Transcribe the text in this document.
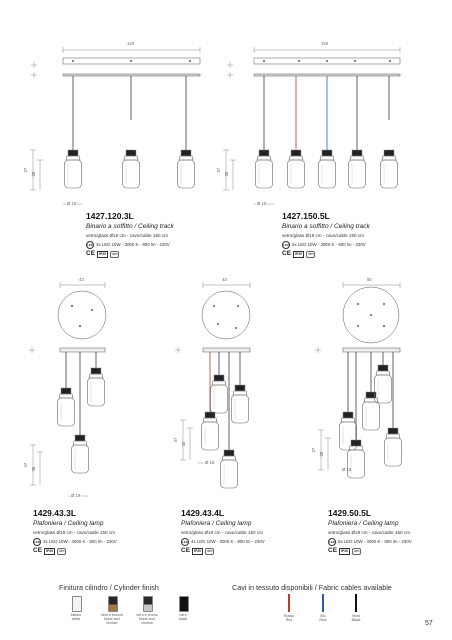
120	150
43	43	50
37
30
37
30
37
30
37
30
37
30
Ø 19	Ø 19
Ø 19
Ø 19
Ø 19
1427.120.3L
Binario a soffitto / Ceiling track
vetro/glass Ø19 cm - cavo/cable 150 cm
LED 3x LED 10W - 3000 K - 900 lm - 230V
CE	IP20	dim
1427.150.5L
Binario a soffitto / Ceiling track
vetro/glass Ø19 cm - cavo/cable 150 cm
LED 5x LED 10W - 3000 K - 900 lm - 230V
CE	IP20	dim
1429.43.3L
Plafoniera / Ceiling lamp
vetro/glass Ø19 cm - cavo/cable 150 cm
LED 3x LED 10W - 3000 K - 900 lm - 230V
CE	IP20	dim
1429.43.4L
Plafoniera / Ceiling lamp
vetro/glass Ø19 cm - cavo/cable 150 cm
LED 4x LED 10W - 3000 K - 900 lm - 230V
CE	IP20	dim
1429.50.5L
Plafoniera / Ceiling lamp
vetro/glass Ø19 cm - cavo/cable 150 cm
LED 5x LED 10W - 3000 K - 900 lm - 230V
CE	IP20	dim
Finitura cilindro / Cylinder finish	Cavi in tessuto disponibili / Fabric cables available
bianco
white
nero e bronzo
black and bronze
nero e cromo
black and chrome
nero
black
Rosso
Red
Blu
Blue
Nero
Black	57
